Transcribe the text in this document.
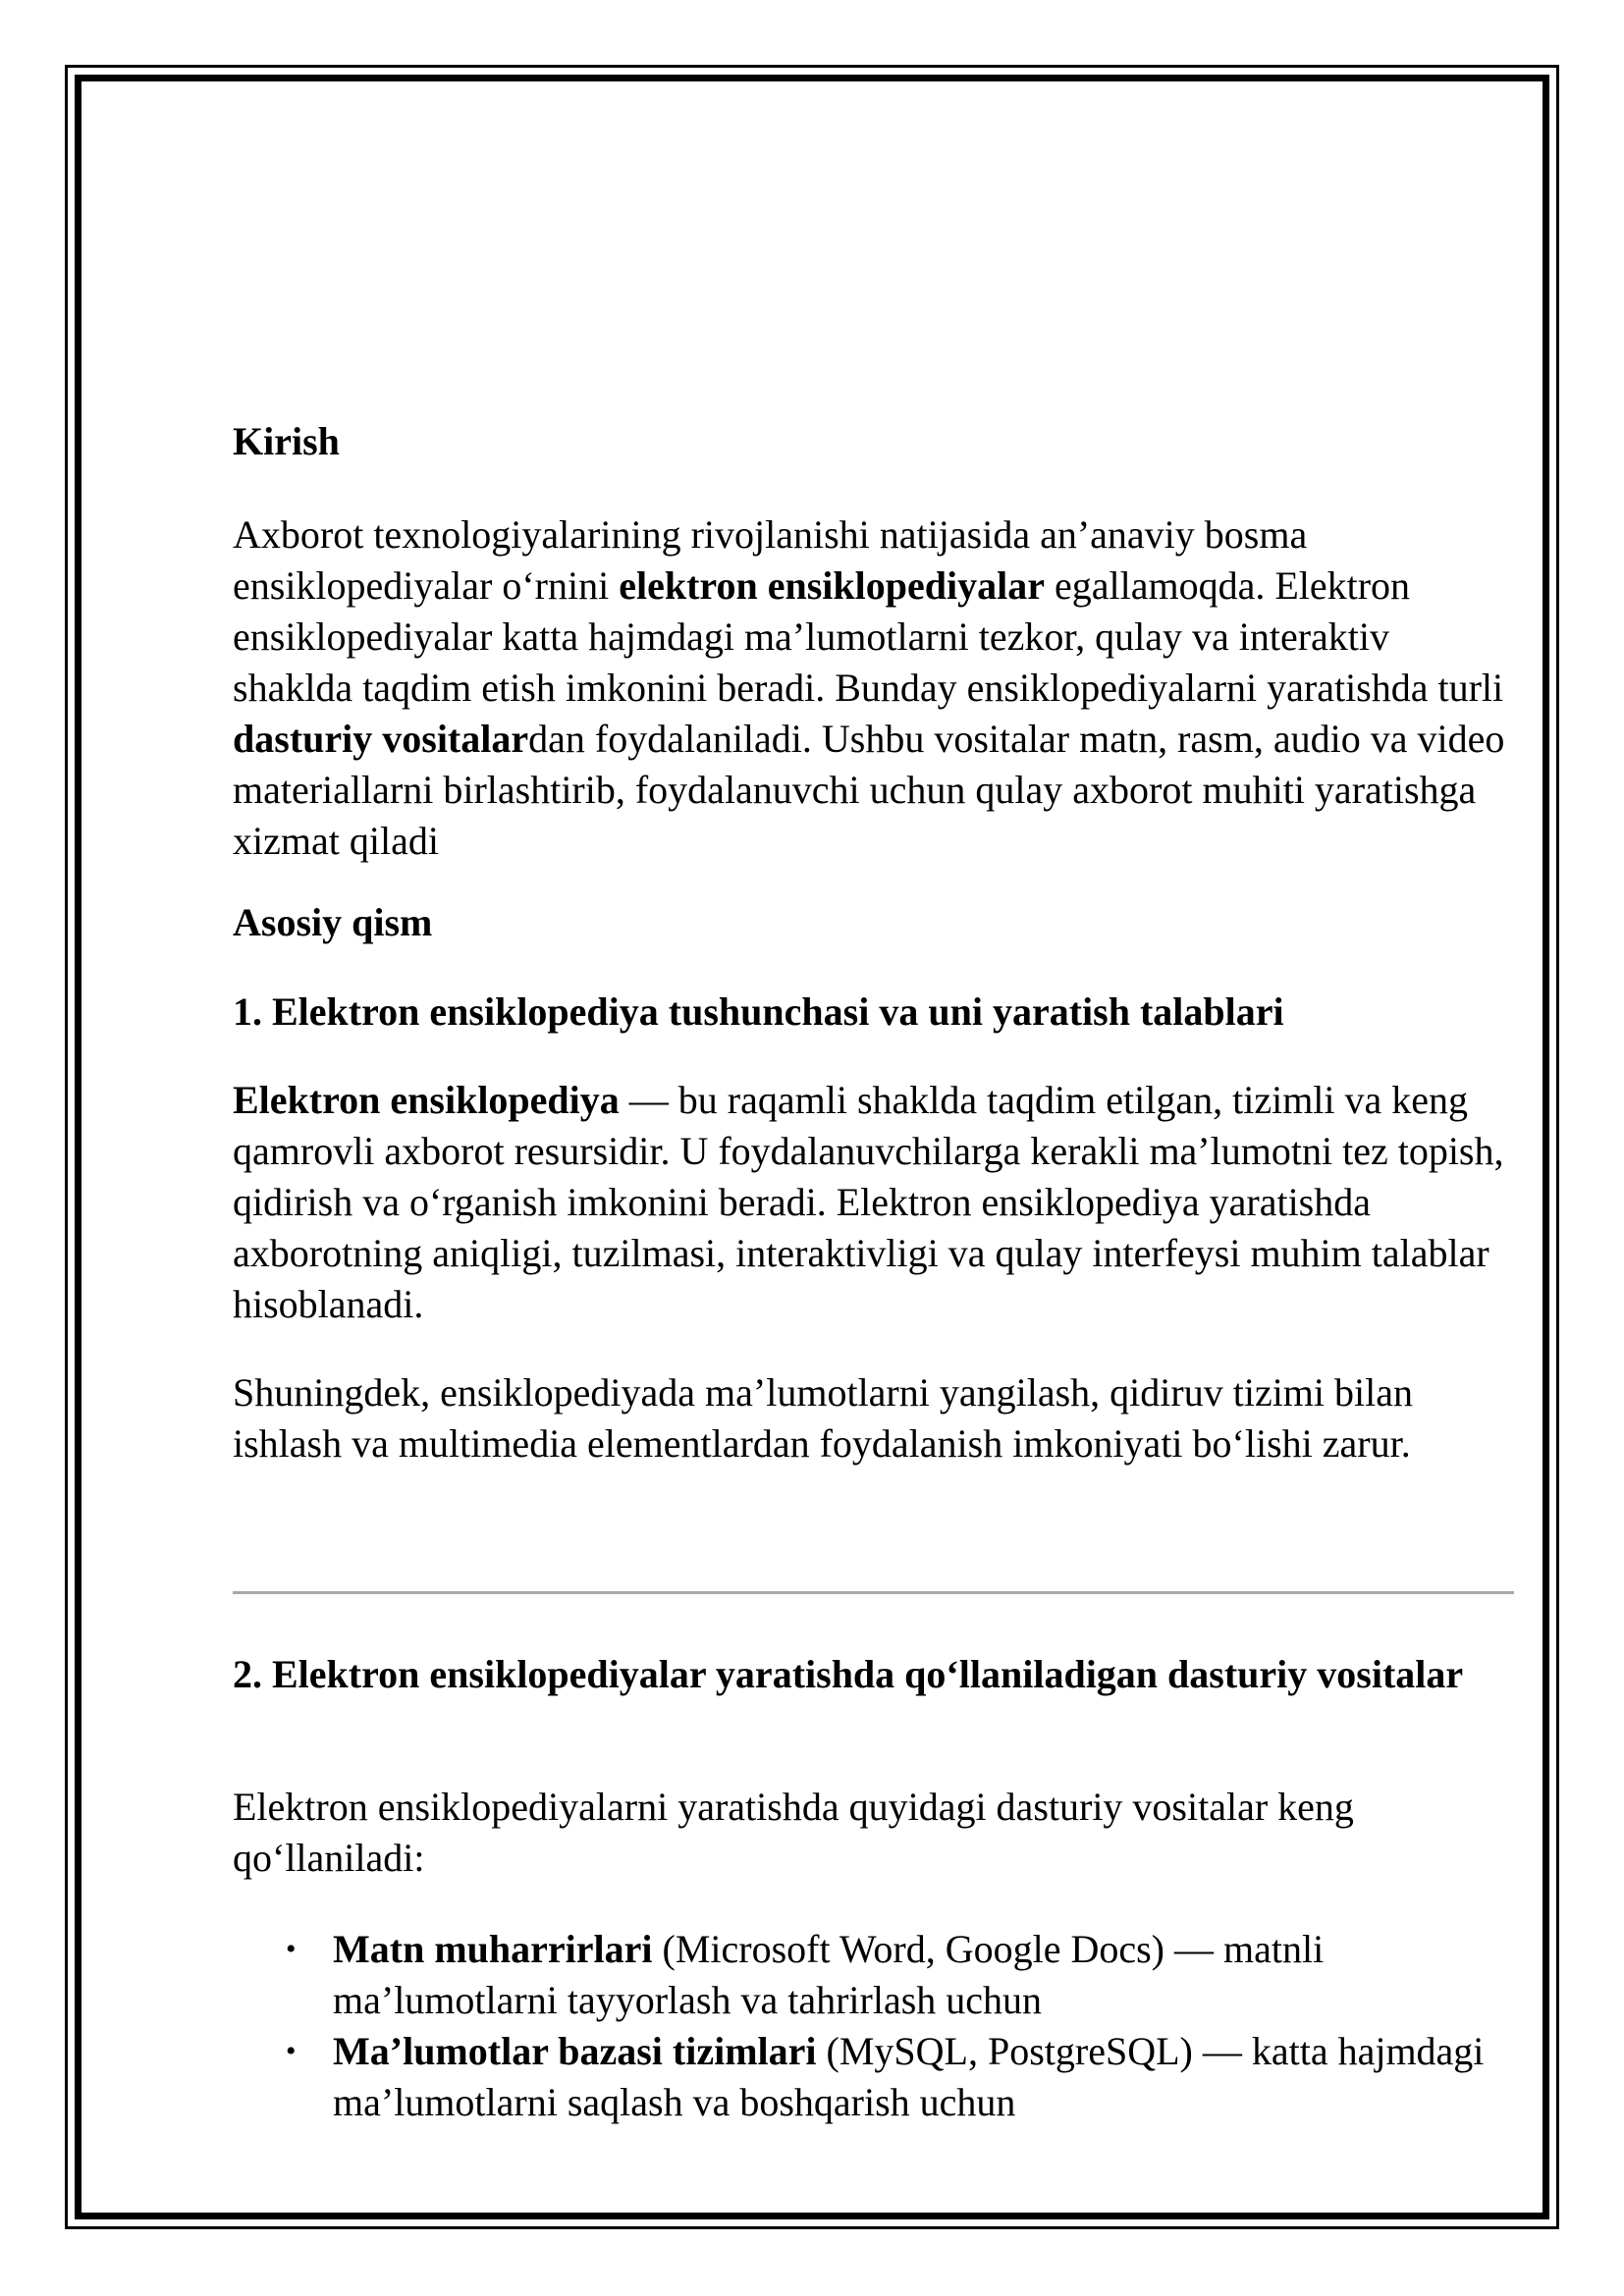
Kirish

Axborot texnologiyalarining rivojlanishi natijasida an’anaviy bosma ensiklopediyalar o‘rnini elektron ensiklopediyalar egallamoqda. Elektron ensiklopediyalar katta hajmdagi ma’lumotlarni tezkor, qulay va interaktiv shaklda taqdim etish imkonini beradi. Bunday ensiklopediyalarni yaratishda turli dasturiy vositalardan foydalaniladi. Ushbu vositalar matn, rasm, audio va video materiallarni birlashtirib, foydalanuvchi uchun qulay axborot muhiti yaratishga xizmat qiladi

Asosiy qism
1. Elektron ensiklopediya tushunchasi va uni yaratish talablari

Elektron ensiklopediya — bu raqamli shaklda taqdim etilgan, tizimli va keng qamrovli axborot resursidir. U foydalanuvchilarga kerakli ma’lumotni tez topish, qidirish va o‘rganish imkonini beradi. Elektron ensiklopediya yaratishda axborotning aniqligi, tuzilmasi, interaktivligi va qulay interfeysi muhim talablar hisoblanadi.

Shuningdek, ensiklopediyada ma’lumotlarni yangilash, qidiruv tizimi bilan ishlash va multimedia elementlardan foydalanish imkoniyati bo‘lishi zarur.

2. Elektron ensiklopediyalar yaratishda qo‘llaniladigan dasturiy vositalar

Elektron ensiklopediyalarni yaratishda quyidagi dasturiy vositalar keng qo‘llaniladi:

• Matn muharrirlari (Microsoft Word, Google Docs) — matnli ma’lumotlarni tayyorlash va tahrirlash uchun
• Ma’lumotlar bazasi tizimlari (MySQL, PostgreSQL) — katta hajmdagi ma’lumotlarni saqlash va boshqarish uchun
